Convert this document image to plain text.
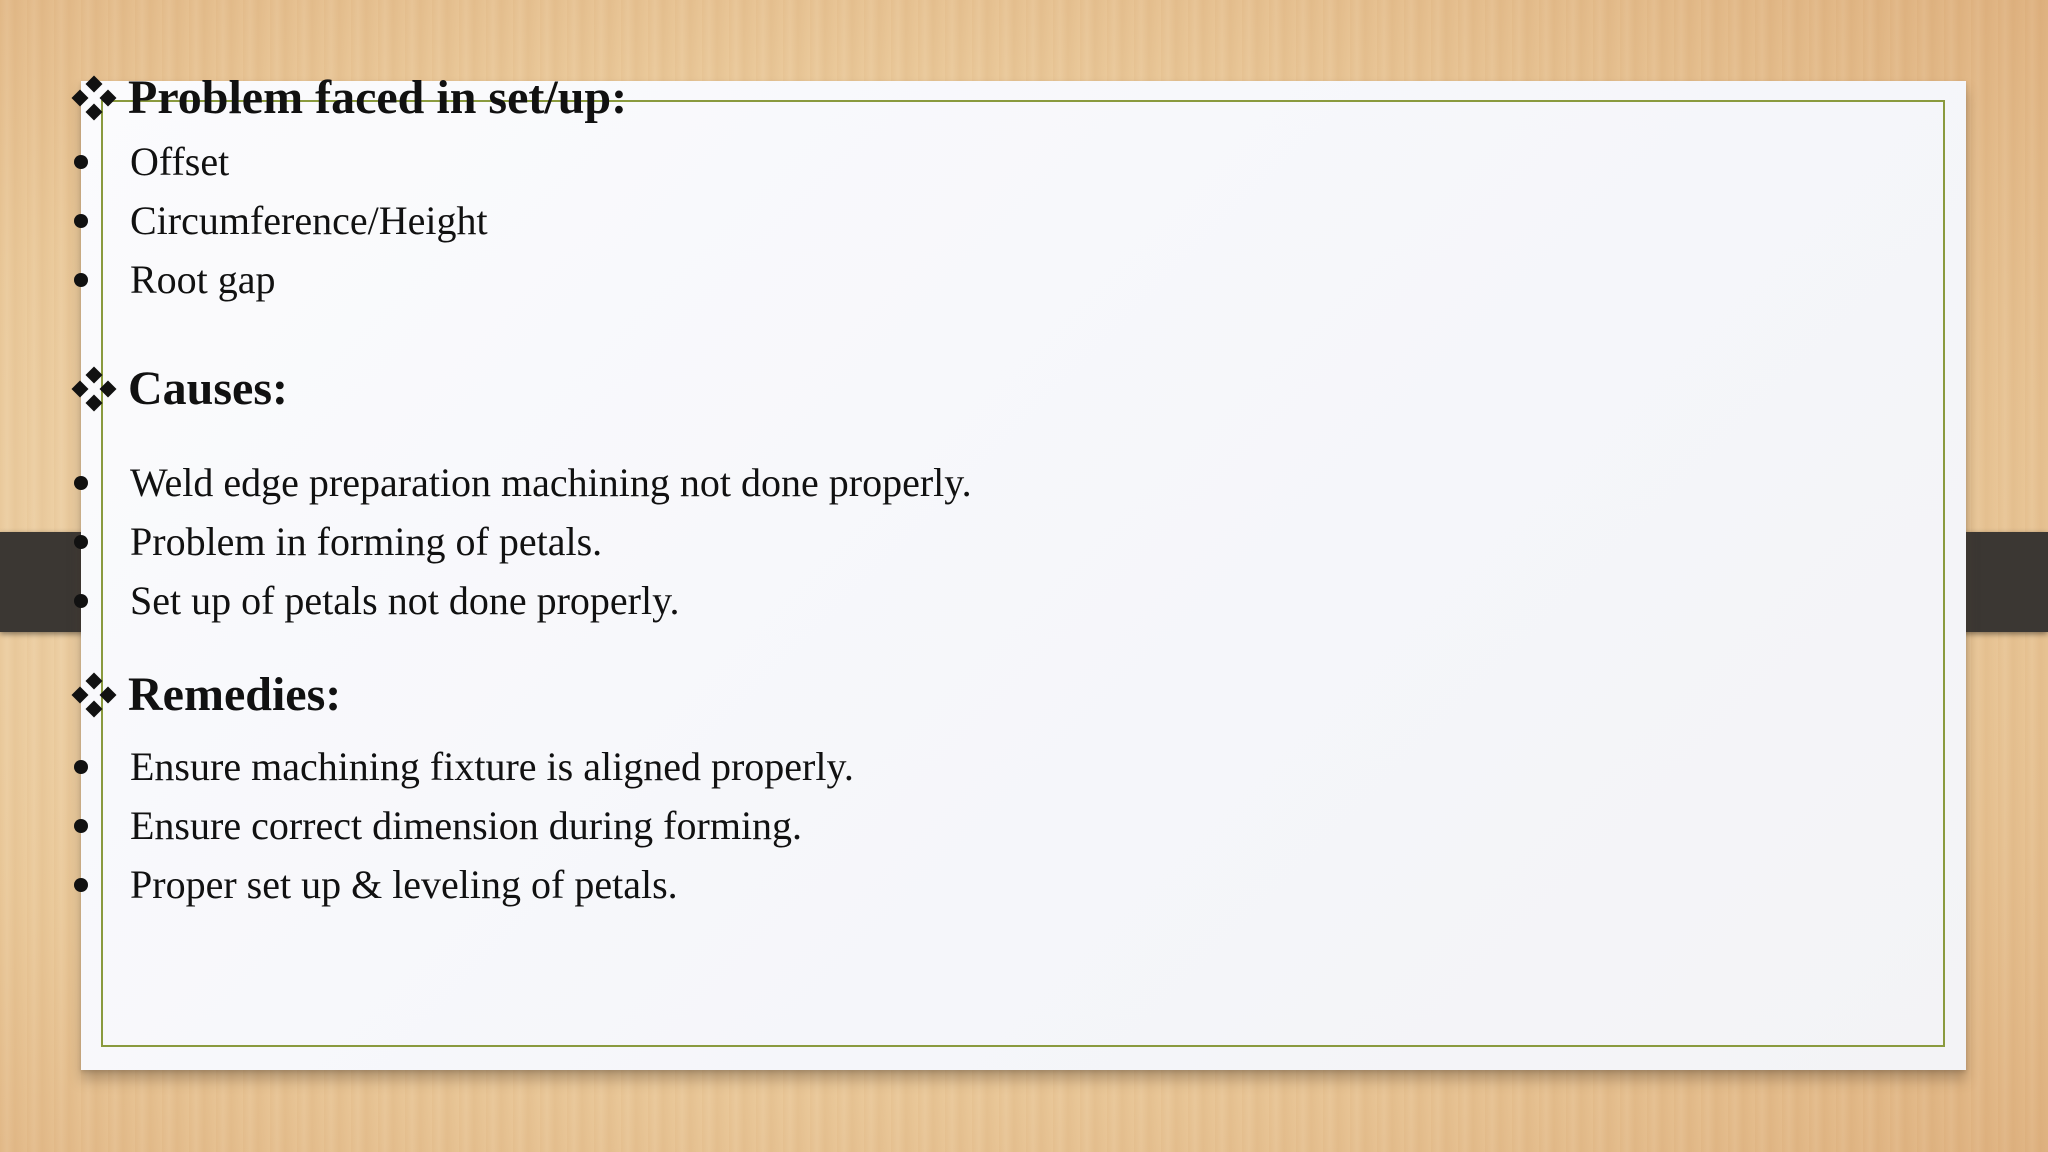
Problem faced in set/up:
Offset
Circumference/Height
Root gap
Causes:
Weld edge preparation machining not done properly.
Problem in forming of petals.
Set up of petals not done properly.
Remedies:
Ensure machining fixture is aligned properly.
Ensure correct dimension during forming.
Proper set up & leveling of petals.
